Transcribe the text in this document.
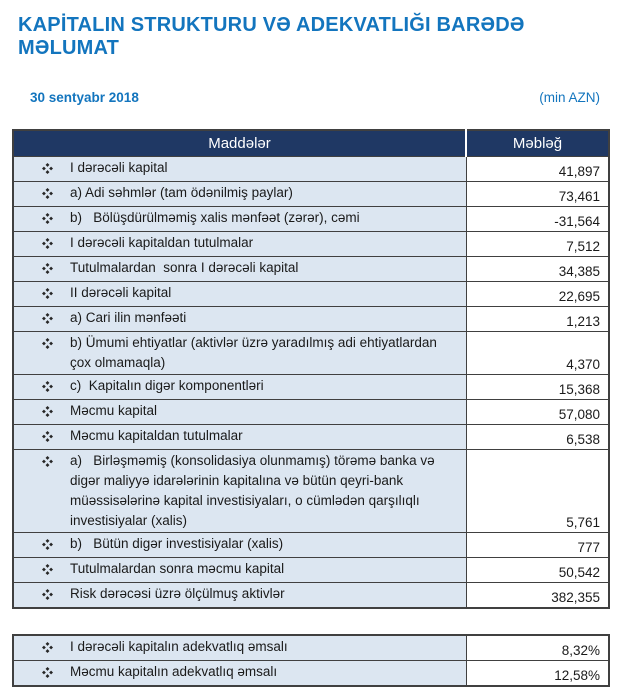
KAPİTALIN STRUKTURU VƏ ADEKVATLIĞI BARƏDƏ MƏLUMAT
30 sentyabr 2018	(min AZN)
Maddələr	Məbləğ

I dərəcəli kapital	41,897

a) Adi səhmlər (tam ödənilmiş paylar)	73,461

b)   Bölüşdürülməmiş xalis mənfəət (zərər), cəmi	-31,564

I dərəcəli kapitaldan tutulmalar	7,512

Tutulmalardan  sonra I dərəcəli kapital	34,385

II dərəcəli kapital	22,695

a) Cari ilin mənfəəti	1,213

b) Ümumi ehtiyatlar (aktivlər üzrə yaradılmış adi ehtiyatlardan çox olmamaqla)	4,370

c)  Kapitalın digər komponentləri	15,368

Məcmu kapital	57,080

Məcmu kapitaldan tutulmalar	6,538

a)   Birləşməmiş (konsolidasiya olunmamış) törəmə banka və digər maliyyə idarələrinin kapitalına və bütün qeyri-bank müəssisələrinə kapital investisiyaları, o cümlədən qarşılıqlı investisiyalar (xalis)	5,761

b)   Bütün digər investisiyalar (xalis)	777

Tutulmalardan sonra məcmu kapital	50,542

Risk dərəcəsi üzrə ölçülmuş aktivlər	382,355
I dərəcəli kapitalın adekvatlıq əmsalı	8,32%

Məcmu kapitalın adekvatlıq əmsalı	12,58%
